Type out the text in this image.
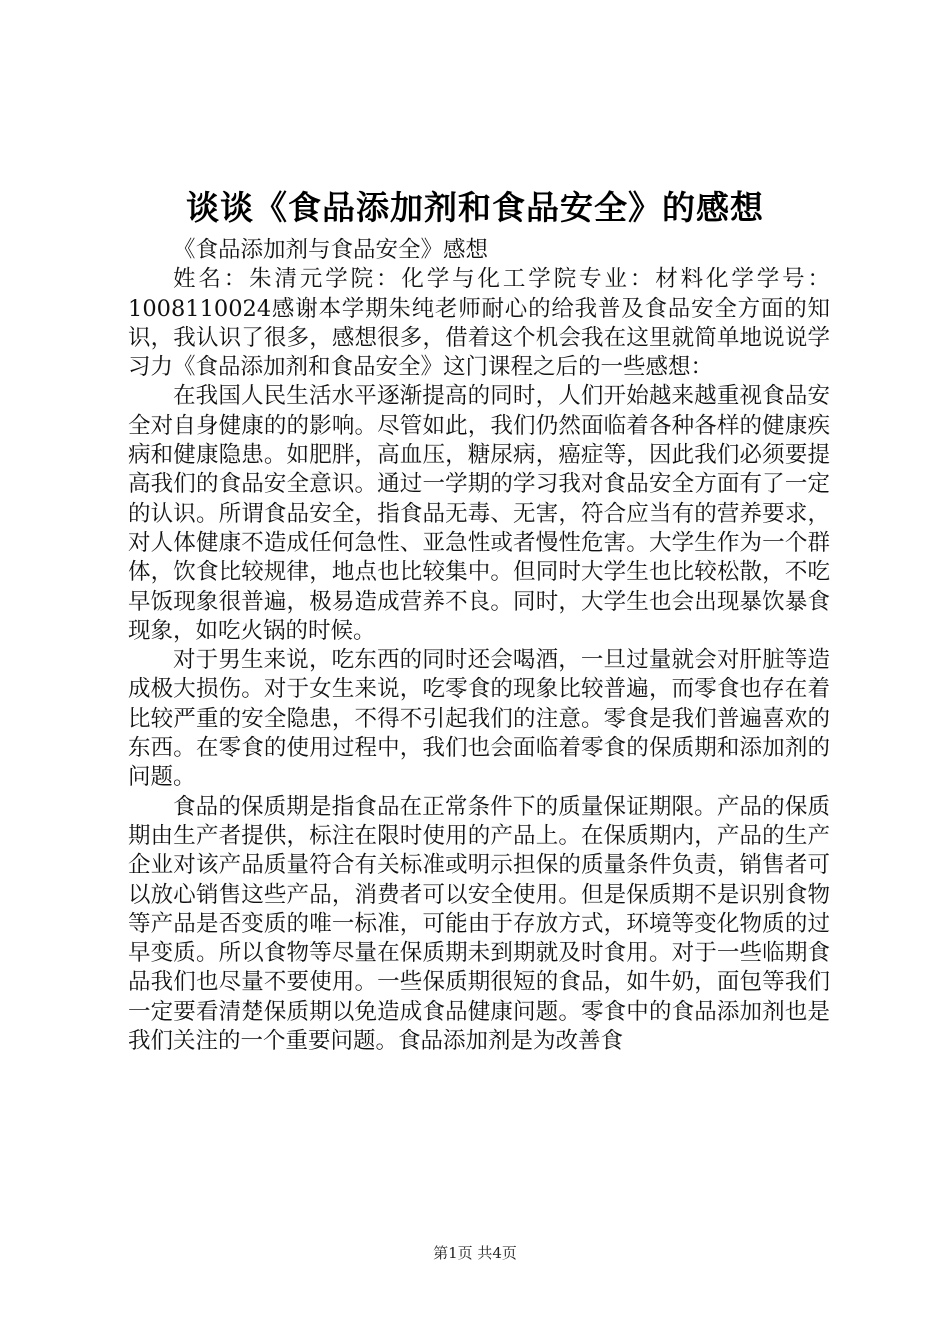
谈谈《食品添加剂和食品安全》的感想

《食品添加剂与食品安全》感想

姓名：朱清元学院：化学与化工学院专业：材料化学学号：1008110024感谢本学期朱纯老师耐心的给我普及食品安全方面的知识，我认识了很多，感想很多，借着这个机会我在这里就简单地说说学习力《食品添加剂和食品安全》这门课程之后的一些感想：

在我国人民生活水平逐渐提高的同时，人们开始越来越重视食品安全对自身健康的的影响。尽管如此，我们仍然面临着各种各样的健康疾病和健康隐患。如肥胖，高血压，糖尿病，癌症等，因此我们必须要提高我们的食品安全意识。通过一学期的学习我对食品安全方面有了一定的认识。所谓食品安全，指食品无毒、无害，符合应当有的营养要求，对人体健康不造成任何急性、亚急性或者慢性危害。大学生作为一个群体，饮食比较规律，地点也比较集中。但同时大学生也比较松散，不吃早饭现象很普遍，极易造成营养不良。同时，大学生也会出现暴饮暴食现象，如吃火锅的时候。

对于男生来说，吃东西的同时还会喝酒，一旦过量就会对肝脏等造成极大损伤。对于女生来说，吃零食的现象比较普遍，而零食也存在着比较严重的安全隐患，不得不引起我们的注意。零食是我们普遍喜欢的东西。在零食的使用过程中，我们也会面临着零食的保质期和添加剂的问题。

食品的保质期是指食品在正常条件下的质量保证期限。产品的保质期由生产者提供，标注在限时使用的产品上。在保质期内，产品的生产企业对该产品质量符合有关标准或明示担保的质量条件负责，销售者可以放心销售这些产品，消费者可以安全使用。但是保质期不是识别食物等产品是否变质的唯一标准，可能由于存放方式，环境等变化物质的过早变质。所以食物等尽量在保质期未到期就及时食用。对于一些临期食品我们也尽量不要使用。一些保质期很短的食品，如牛奶，面包等我们一定要看清楚保质期以免造成食品健康问题。零食中的食品添加剂也是我们关注的一个重要问题。食品添加剂是为改善食

第1页 共4页
